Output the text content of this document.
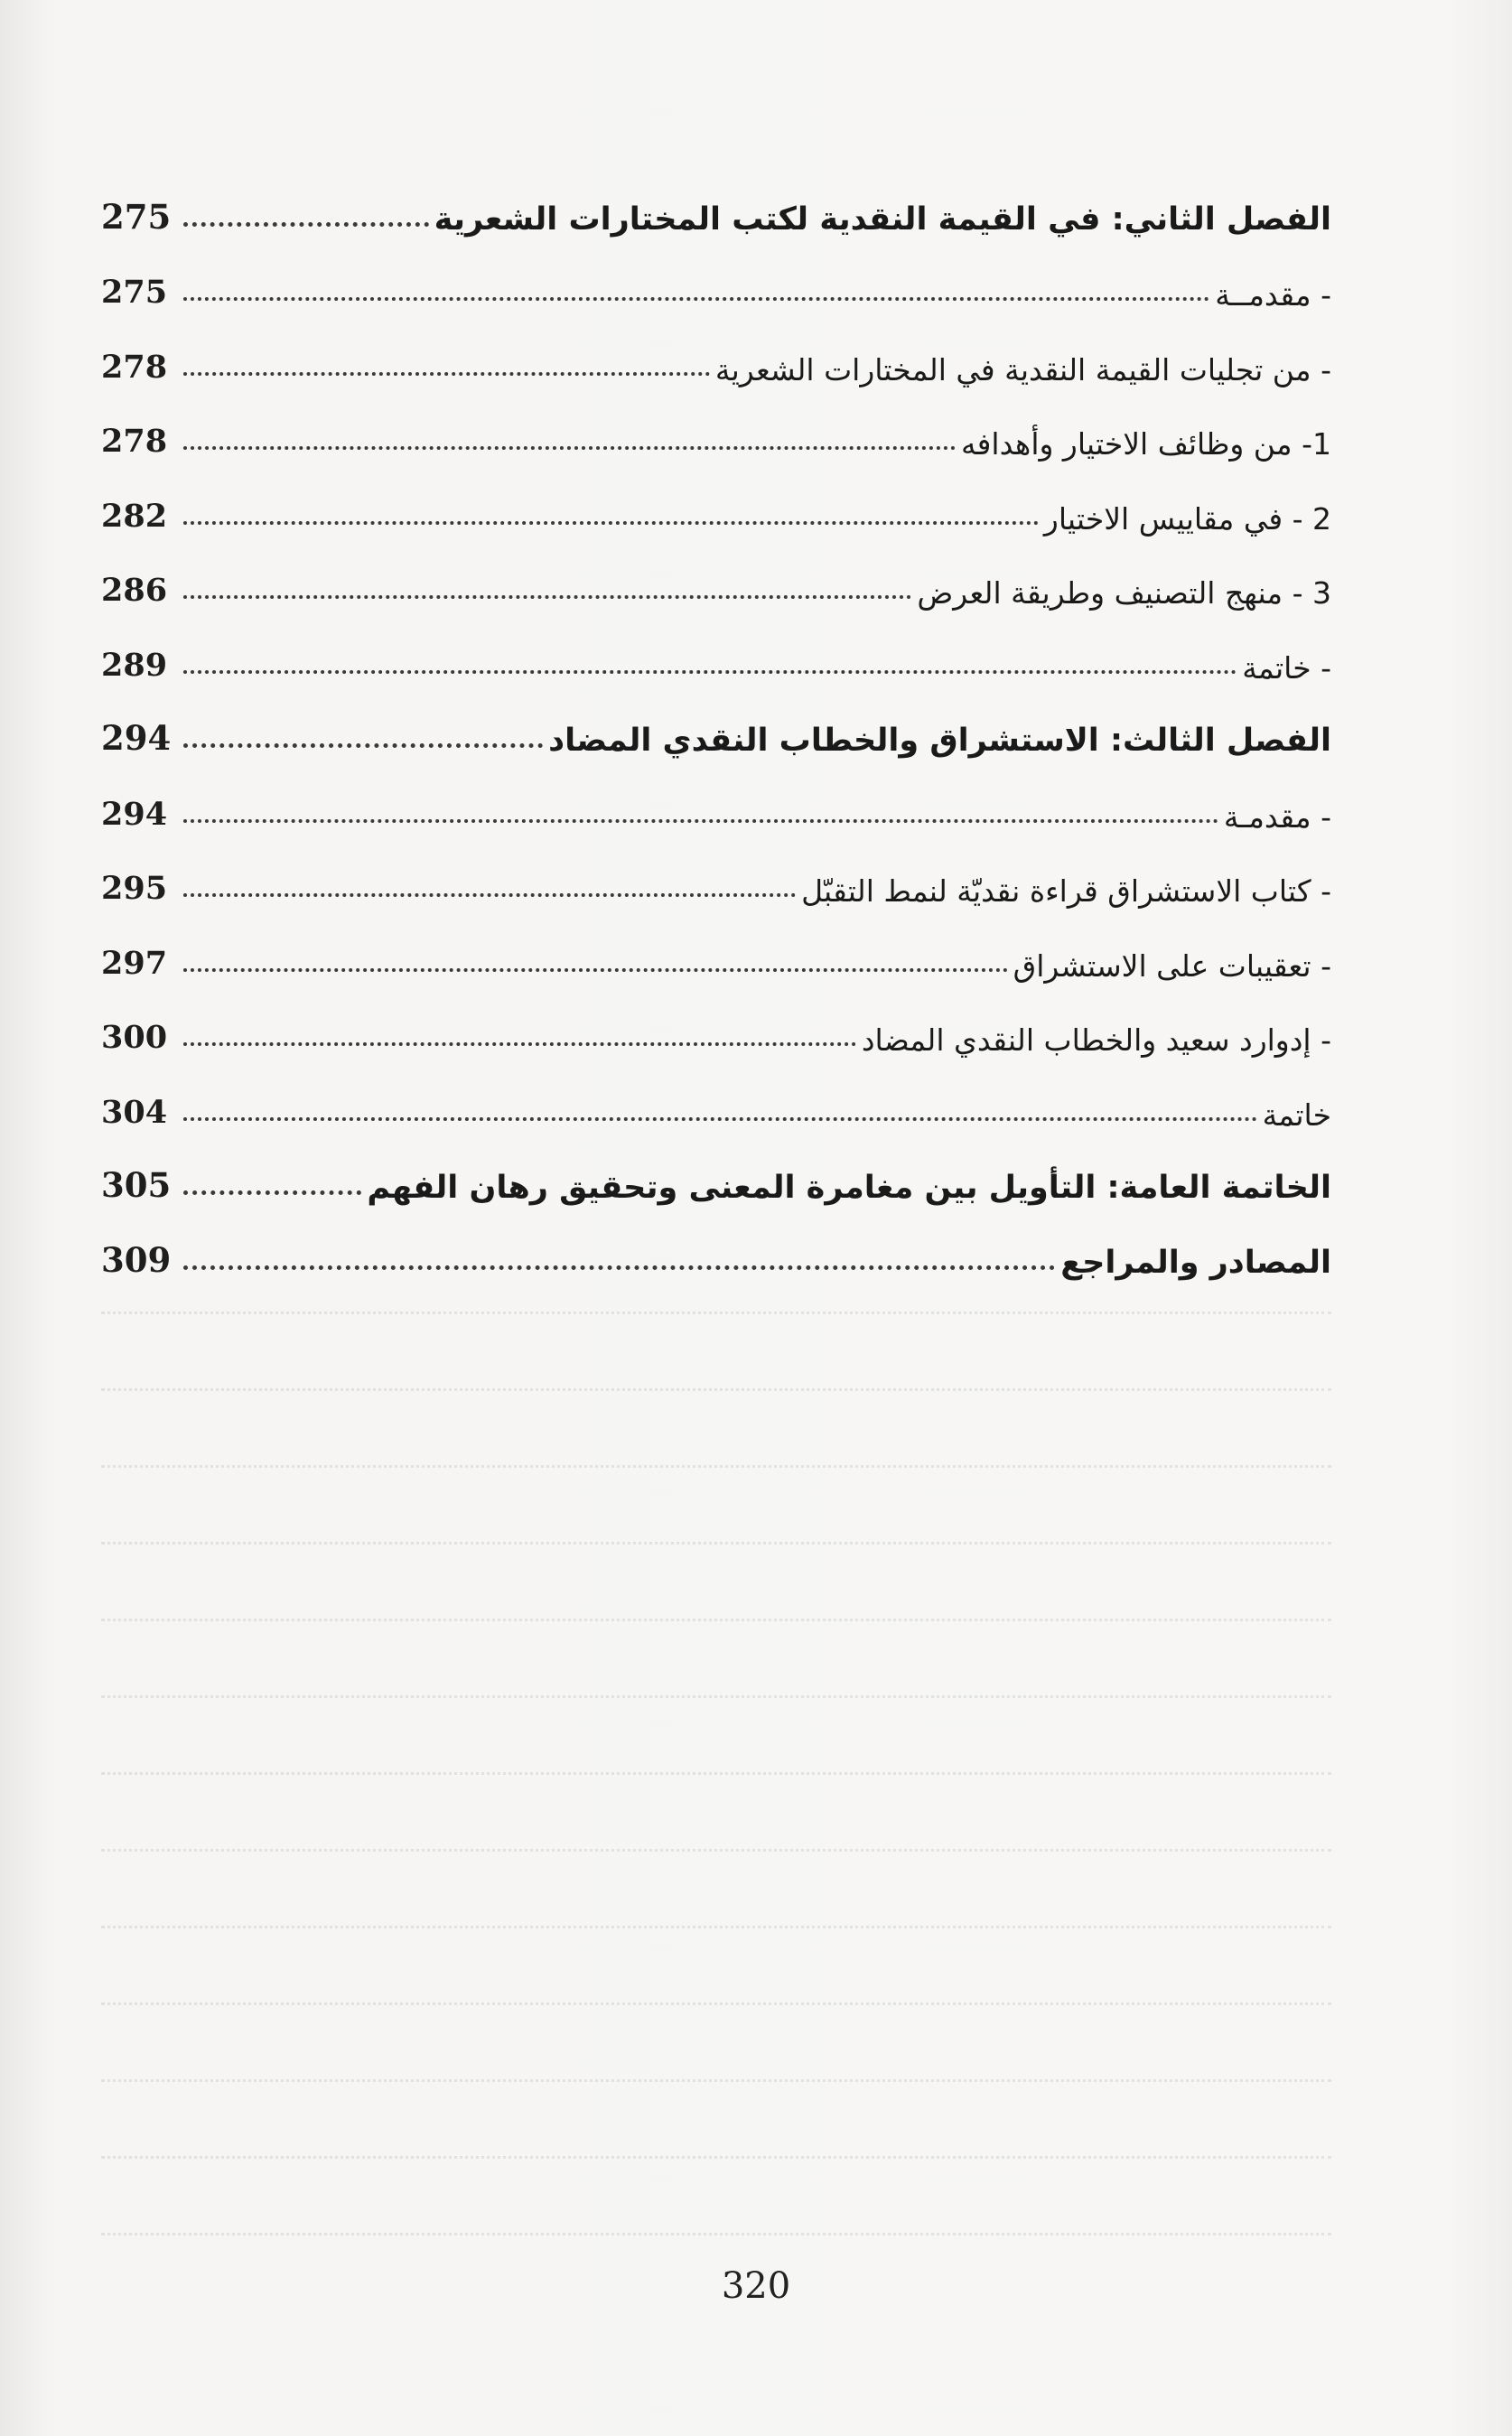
275	الفصل الثاني: في القيمة النقدية لكتب المختارات الشعرية
275	- مقدمــة
278	- من تجليات القيمة النقدية في المختارات الشعرية
278	1- من وظائف الاختيار وأهدافه
282	2 - في مقاييس الاختيار
286	3 - منهج التصنيف وطريقة العرض
289	- خاتمة
294	الفصل الثالث: الاستشراق والخطاب النقدي المضاد
294	- مقدمـة
295	- كتاب الاستشراق قراءة نقديّة لنمط التقبّل
297	- تعقيبات على الاستشراق
300	- إدوارد سعيد والخطاب النقدي المضاد
304	خاتمة
305	الخاتمة العامة: التأويل بين مغامرة المعنى وتحقيق رهان الفهم
309	المصادر والمراجع
320
